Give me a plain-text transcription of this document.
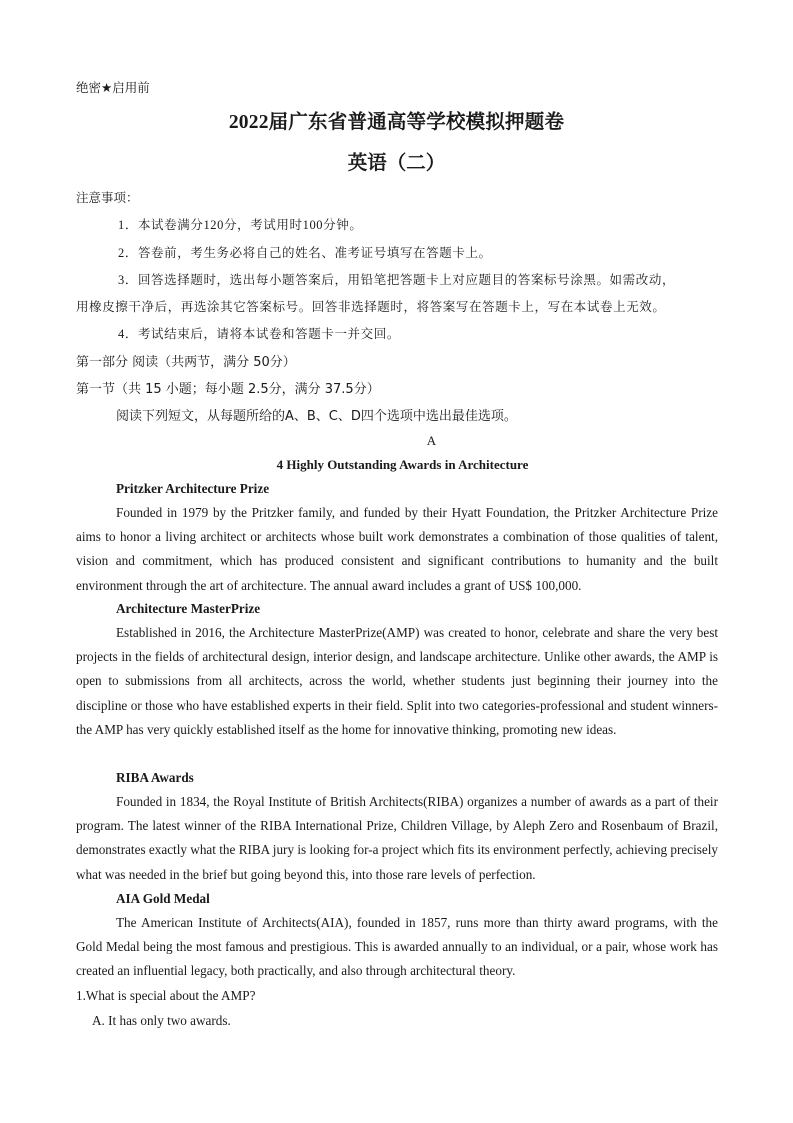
绝密★启用前
2022届广东省普通高等学校模拟押题卷
英语（二）
注意事项：
1．本试卷满分120分，考试用时100分钟。
2．答卷前，考生务必将自己的姓名、准考证号填写在答题卡上。
3．回答选择题时，选出每小题答案后，用铅笔把答题卡上对应题目的答案标号涂黑。如需改动，
用橡皮擦干净后，再选涂其它答案标号。回答非选择题时，将答案写在答题卡上，写在本试卷上无效。
4．考试结束后，请将本试卷和答题卡一并交回。
第一部分 阅读（共两节，满分 50分）
第一节（共 15 小题；每小题 2.5分，满分 37.5分）
阅读下列短文，从每题所给的A、B、C、D四个选项中选出最佳选项。
A
4 Highly Outstanding Awards in Architecture
Pritzker Architecture Prize
Founded in 1979 by the Pritzker family, and funded by their Hyatt Foundation, the Pritzker Architecture Prize aims to honor a living architect or architects whose built work demonstrates a combination of those qualities of talent, vision and commitment, which has produced consistent and significant contributions to humanity and the built environment through the art of architecture. The annual award includes a grant of US$ 100,000.
Architecture MasterPrize
Established in 2016, the Architecture MasterPrize(AMP) was created to honor, celebrate and share the very best projects in the fields of architectural design, interior design, and landscape architecture. Unlike other awards, the AMP is open to submissions from all architects, across the world, whether students just beginning their journey into the discipline or those who have established experts in their field. Split into two categories-professional and student winners-the AMP has very quickly established itself as the home for innovative thinking, promoting new ideas.
RIBA Awards
Founded in 1834, the Royal Institute of British Architects(RIBA) organizes a number of awards as a part of their program. The latest winner of the RIBA International Prize, Children Village, by Aleph Zero and Rosenbaum of Brazil, demonstrates exactly what the RIBA jury is looking for-a project which fits its environment perfectly, achieving precisely what was needed in the brief but going beyond this, into those rare levels of perfection.
AIA Gold Medal
The American Institute of Architects(AIA), founded in 1857, runs more than thirty award programs, with the Gold Medal being the most famous and prestigious. This is awarded annually to an individual, or a pair, whose work has created an influential legacy, both practically, and also through architectural theory.
1.What is special about the AMP?
A. It has only two awards.
